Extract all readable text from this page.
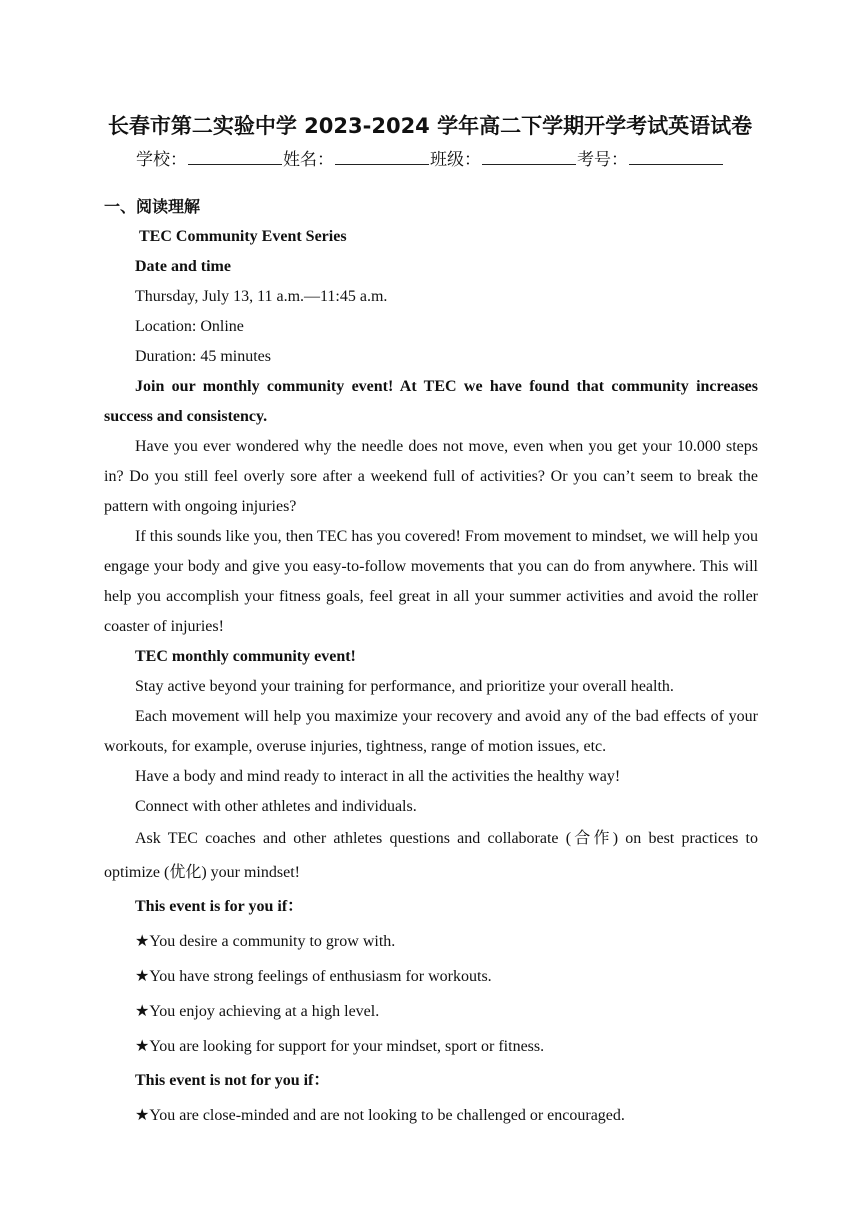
长春市第二实验中学 2023-2024 学年高二下学期开学考试英语试卷
学校：	姓名：	班级：	考号：
一、阅读理解

TEC Community Event Series

Date and time

Thursday, July 13, 11 a.m.—11:45 a.m.

Location: Online

Duration: 45 minutes

Join our monthly community event! At TEC we have found that community increases success and consistency.

Have you ever wondered why the needle does not move, even when you get your 10.000 steps in? Do you still feel overly sore after a weekend full of activities? Or you can’t seem to break the pattern with ongoing injuries?

If this sounds like you, then TEC has you covered! From movement to mindset, we will help you engage your body and give you easy-to-follow movements that you can do from anywhere. This will help you accomplish your fitness goals, feel great in all your summer activities and avoid the roller coaster of injuries!

TEC monthly community event!

Stay active beyond your training for performance, and prioritize your overall health.

Each movement will help you maximize your recovery and avoid any of the bad effects of your workouts, for example, overuse injuries, tightness, range of motion issues, etc.

Have a body and mind ready to interact in all the activities the healthy way!

Connect with other athletes and individuals.

Ask TEC coaches and other athletes questions and collaborate (合作) on best practices to optimize (优化) your mindset!

This event is for you if：

★You desire a community to grow with.

★You have strong feelings of enthusiasm for workouts.

★You enjoy achieving at a high level.

★You are looking for support for your mindset, sport or fitness.

This event is not for you if：

★You are close-minded and are not looking to be challenged or encouraged.
